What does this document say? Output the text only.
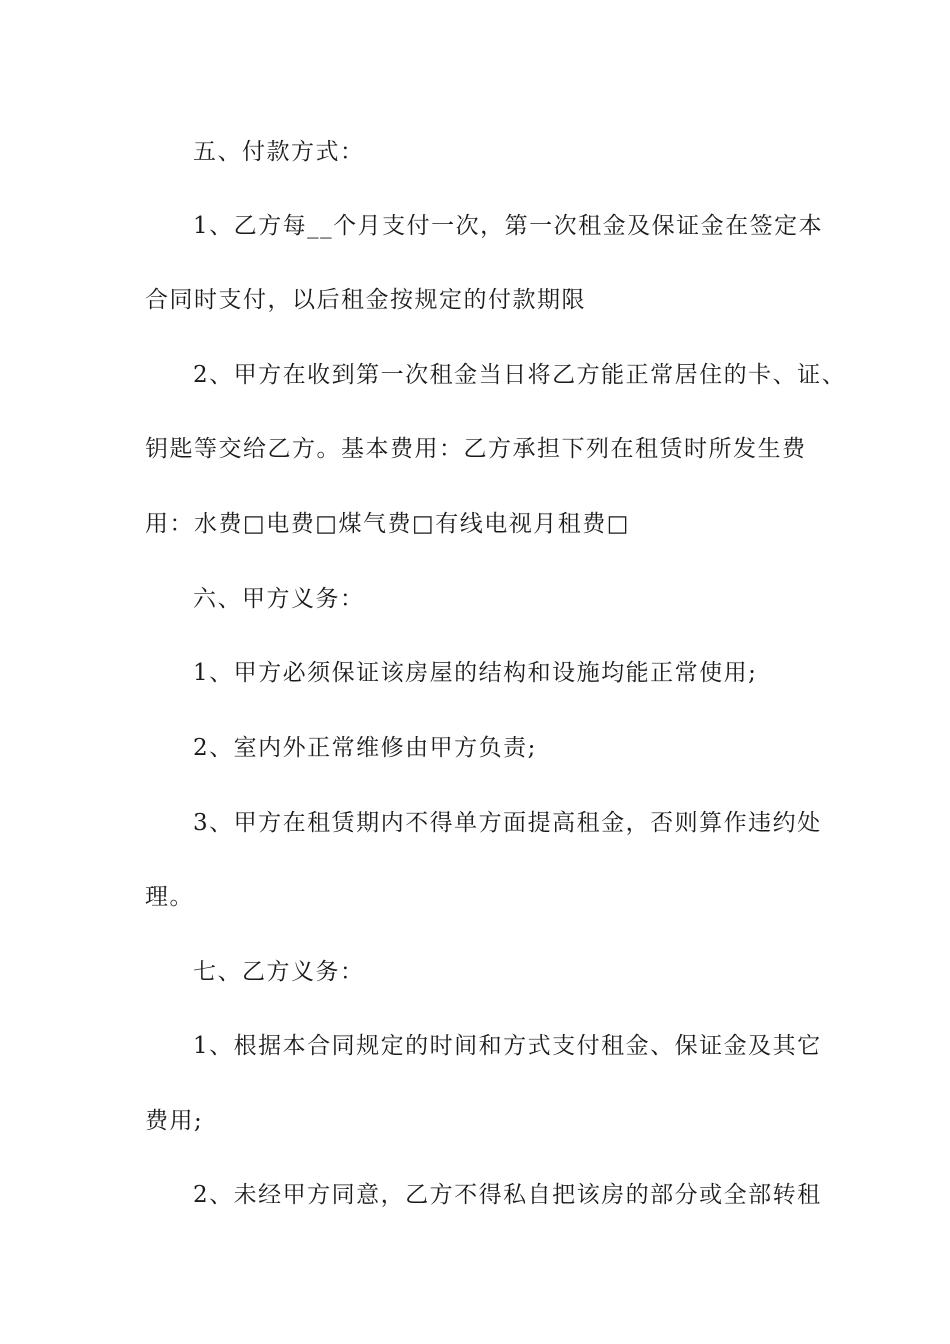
五、付款方式：
1、乙方每__个月支付一次，第一次租金及保证金在签定本
合同时支付，以后租金按规定的付款期限
2、甲方在收到第一次租金当日将乙方能正常居住的卡、证、
钥匙等交给乙方。基本费用：乙方承担下列在租赁时所发生费
用：水费□电费□煤气费□有线电视月租费□
六、甲方义务：
1、甲方必须保证该房屋的结构和设施均能正常使用;
2、室内外正常维修由甲方负责;
3、甲方在租赁期内不得单方面提高租金，否则算作违约处
理。
七、乙方义务：
1、根据本合同规定的时间和方式支付租金、保证金及其它
费用;
2、未经甲方同意，乙方不得私自把该房的部分或全部转租
